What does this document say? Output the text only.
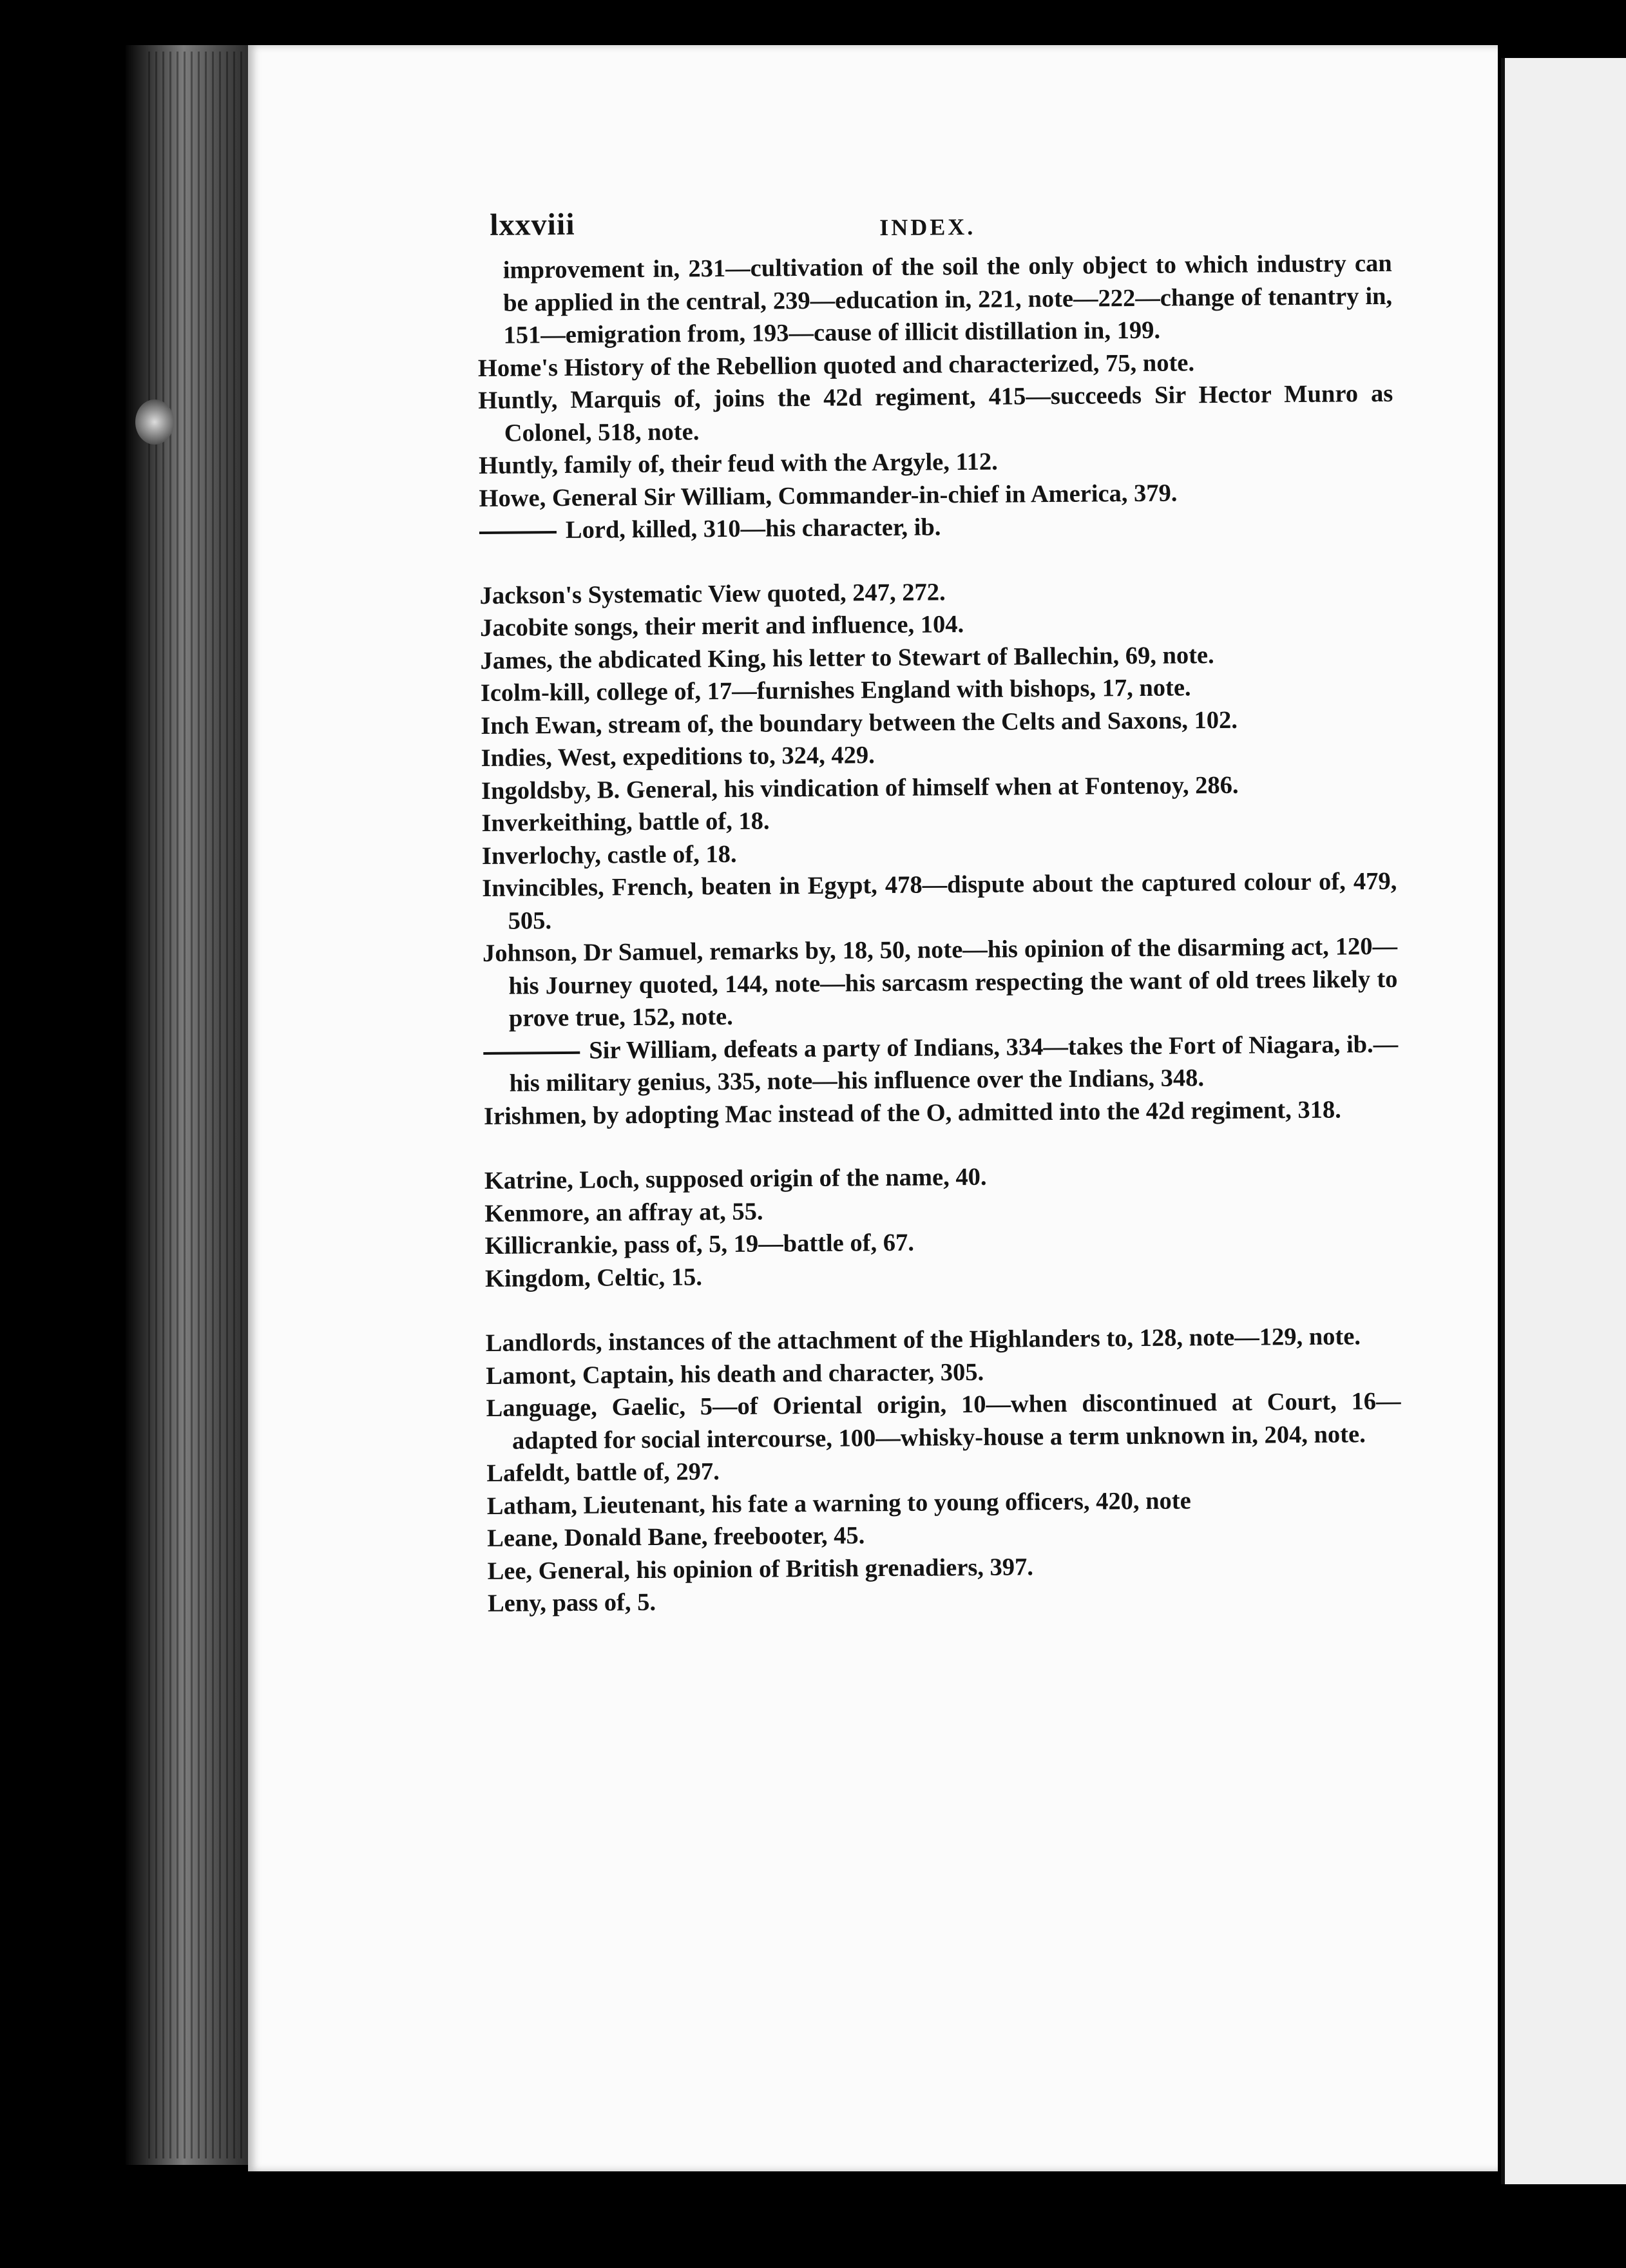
lxxviii	INDEX.

improvement in, 231—cultivation of the soil the only object to which industry can be applied in the central, 239—education in, 221, note—222—change of tenantry in, 151—emigration from, 193—cause of illicit distillation in, 199.

Home's History of the Rebellion quoted and characterized, 75, note.

Huntly, Marquis of, joins the 42d regiment, 415—succeeds Sir Hector Munro as Colonel, 518, note.

Huntly, family of, their feud with the Argyle, 112.

Howe, General Sir William, Commander-in-chief in America, 379.

Lord, killed, 310—his character, ib.

Jackson's Systematic View quoted, 247, 272.

Jacobite songs, their merit and influence, 104.

James, the abdicated King, his letter to Stewart of Ballechin, 69, note.

Icolm-kill, college of, 17—furnishes England with bishops, 17, note.

Inch Ewan, stream of, the boundary between the Celts and Saxons, 102.

Indies, West, expeditions to, 324, 429.

Ingoldsby, B. General, his vindication of himself when at Fontenoy, 286.

Inverkeithing, battle of, 18.

Inverlochy, castle of, 18.

Invincibles, French, beaten in Egypt, 478—dispute about the captured colour of, 479, 505.

Johnson, Dr Samuel, remarks by, 18, 50, note—his opinion of the disarming act, 120—his Journey quoted, 144, note—his sarcasm respecting the want of old trees likely to prove true, 152, note.

Sir William, defeats a party of Indians, 334—takes the Fort of Niagara, ib.—his military genius, 335, note—his influence over the Indians, 348.

Irishmen, by adopting Mac instead of the O, admitted into the 42d regiment, 318.

Katrine, Loch, supposed origin of the name, 40.

Kenmore, an affray at, 55.

Killicrankie, pass of, 5, 19—battle of, 67.

Kingdom, Celtic, 15.

Landlords, instances of the attachment of the Highlanders to, 128, note—129, note.

Lamont, Captain, his death and character, 305.

Language, Gaelic, 5—of Oriental origin, 10—when discontinued at Court, 16—adapted for social intercourse, 100—whisky-house a term unknown in, 204, note.

Lafeldt, battle of, 297.

Latham, Lieutenant, his fate a warning to young officers, 420, note

Leane, Donald Bane, freebooter, 45.

Lee, General, his opinion of British grenadiers, 397.

Leny, pass of, 5.
